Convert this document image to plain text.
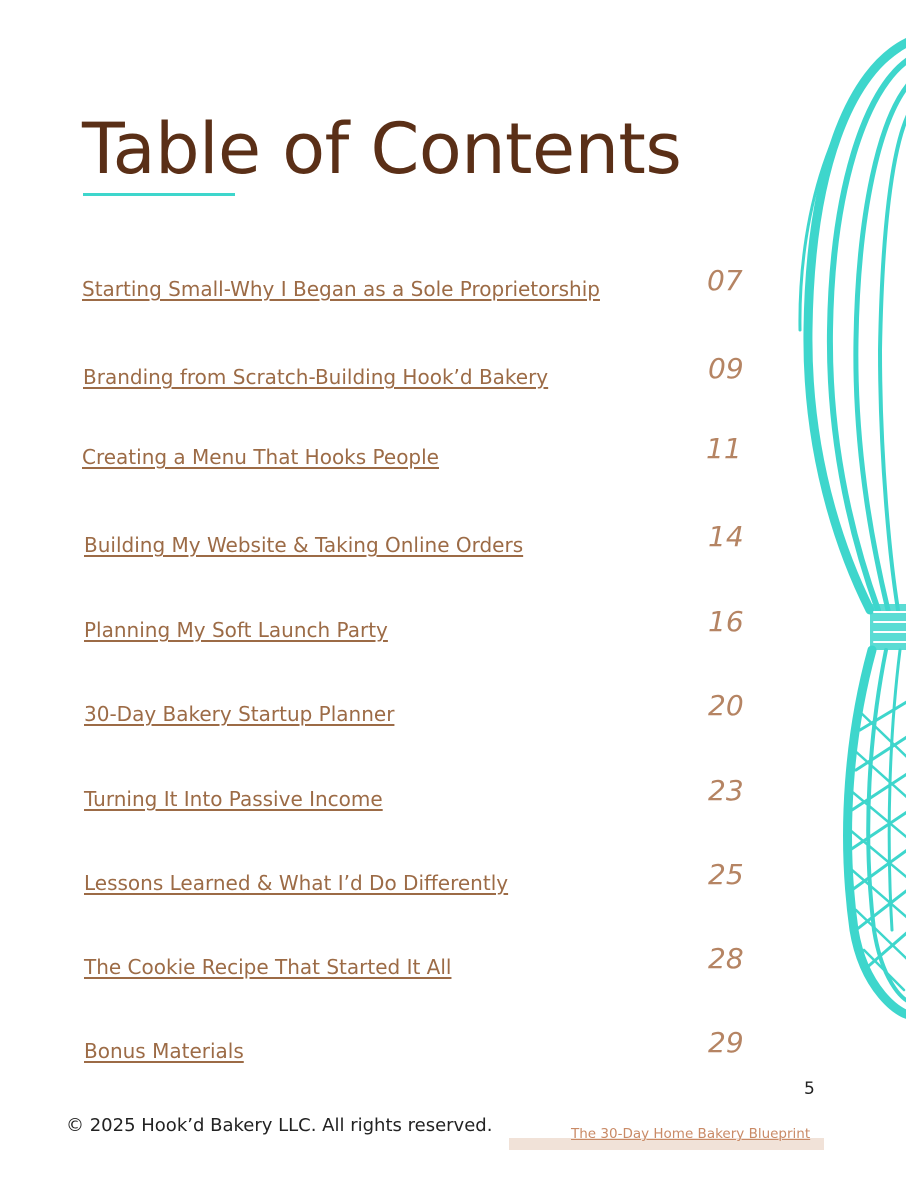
Table of Contents
Starting Small-Why I Began as a Sole Proprietorship	07
Branding from Scratch-Building Hook’d Bakery	09
Creating a Menu That Hooks People	11
Building My Website & Taking Online Orders	14
Planning My Soft Launch Party	16
30-Day Bakery Startup Planner	20
Turning It Into Passive Income	23
Lessons Learned & What I’d Do Differently	25
The Cookie Recipe That Started It All	28
Bonus Materials	29
5
© 2025 Hook’d Bakery LLC. All rights reserved.	The 30-Day Home Bakery Blueprint
